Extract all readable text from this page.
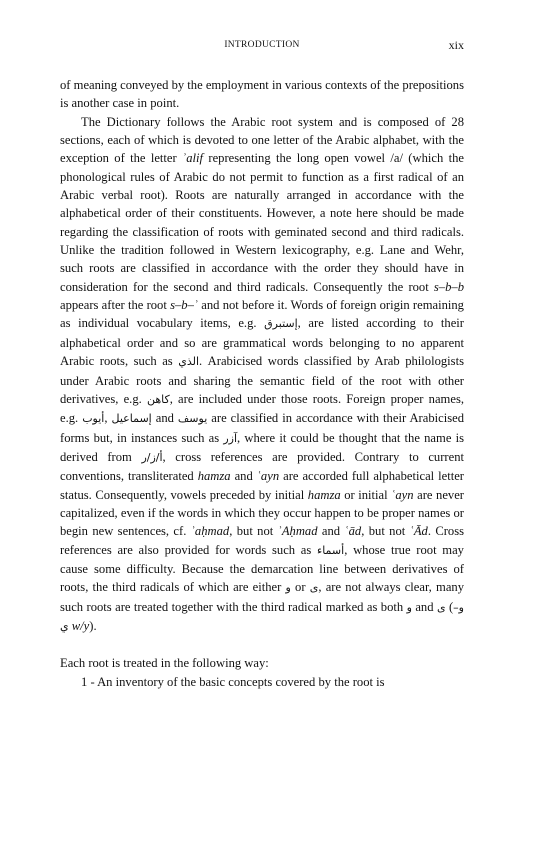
INTRODUCTION	xix

of meaning conveyed by the employment in various contexts of the prepositions is another case in point.

The Dictionary follows the Arabic root system and is composed of 28 sections, each of which is devoted to one letter of the Arabic alphabet, with the exception of the letter ʾalif representing the long open vowel /a/ (which the phonological rules of Arabic do not permit to function as a first radical of an Arabic verbal root). Roots are naturally arranged in accordance with the alphabetical order of their constituents. However, a note here should be made regarding the classification of roots with geminated second and third radicals. Unlike the tradition followed in Western lexicography, e.g. Lane and Wehr, such roots are classified in accordance with the order they should have in consideration for the second and third radicals. Consequently the root s–b–b appears after the root s–b–ʾ and not before it. Words of foreign origin remaining as individual vocabulary items, e.g. إستبرق, are listed according to their alphabetical order and so are grammatical words belonging to no apparent Arabic roots, such as الذي. Arabicised words classified by Arab philologists under Arabic roots and sharing the semantic field of the root with other derivatives, e.g. كاهن, are included under those roots. Foreign proper names, e.g. أيوب, إسماعيل and يوسف are classified in accordance with their Arabicised forms but, in instances such as آزر, where it could be thought that the name is derived from أ/ز/ر, cross references are provided. Contrary to current conventions, transliterated hamza and ʿayn are accorded full alphabetical letter status. Consequently, vowels preceded by initial hamza or initial ʿayn are never capitalized, even if the words in which they occur happen to be proper names or begin new sentences, cf. ʾaḥmad, but not ʾAḥmad and ʿād, but not ʿĀd. Cross references are also provided for words such as أسماء, whose true root may cause some difficulty. Because the demarcation line between derivatives of roots, the third radicals of which are either و or ى, are not always clear, many such roots are treated together with the third radical marked as both و and ى (و–ي w/y).

Each root is treated in the following way:

1 - An inventory of the basic concepts covered by the root is
